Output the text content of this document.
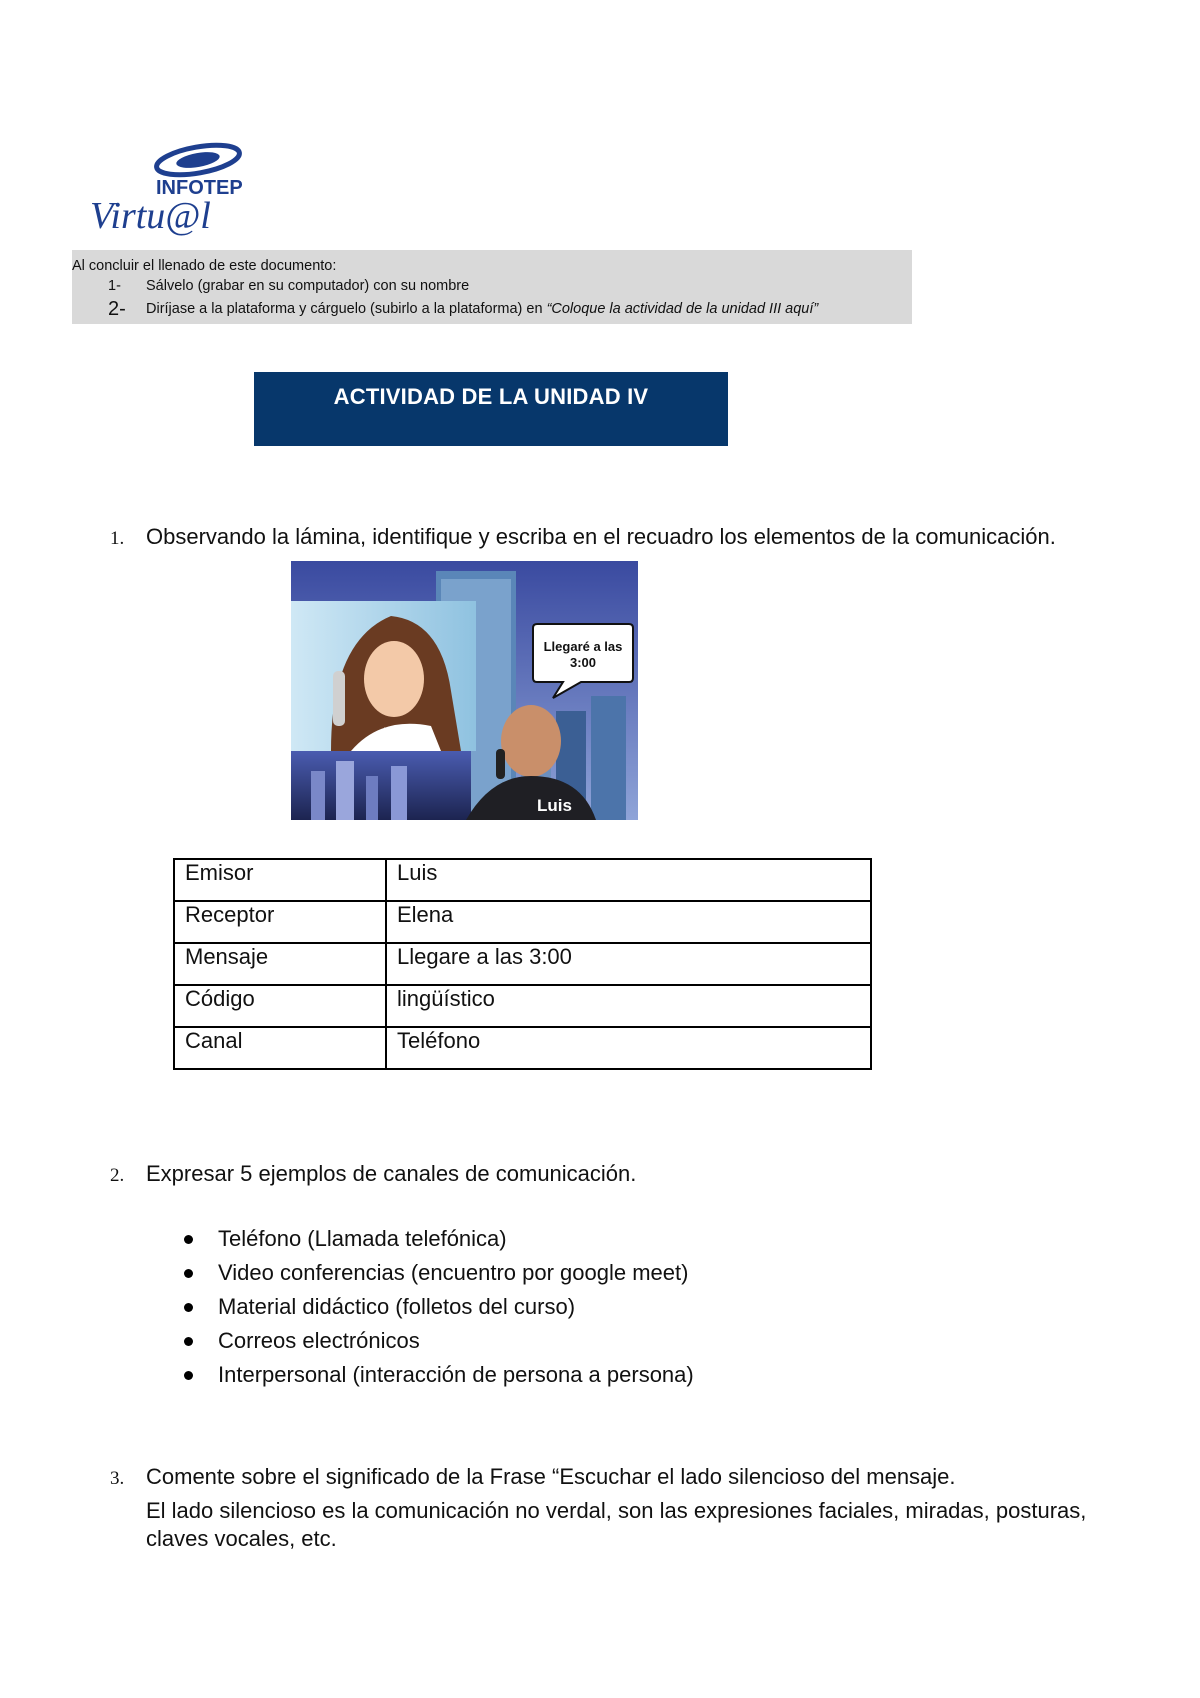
INFOTEP
Virtu@l
Al concluir el llenado de este documento:
1- Sálvelo (grabar en su computador) con su nombre
2- Diríjase a la plataforma y cárguelo (subirlo a la plataforma) en “Coloque la actividad de la unidad III aquí”
ACTIVIDAD DE LA UNIDAD IV
1. Observando la lámina, identifique y escriba en el recuadro los elementos de la comunicación.
Llegaré a las
3:00
Elena
Luis
Emisor	Luis
Receptor	Elena
Mensaje	Llegare a las 3:00
Código	lingüístico
Canal	Teléfono
2. Expresar 5 ejemplos de canales de comunicación.
Teléfono (Llamada telefónica)
Video conferencias (encuentro por google meet)
Material didáctico (folletos del curso)
Correos electrónicos
Interpersonal (interacción de persona a persona)
3. Comente sobre el significado de la Frase “Escuchar el lado silencioso del mensaje.
El lado silencioso es la comunicación no verdal, son las expresiones faciales, miradas, posturas, claves vocales, etc.
